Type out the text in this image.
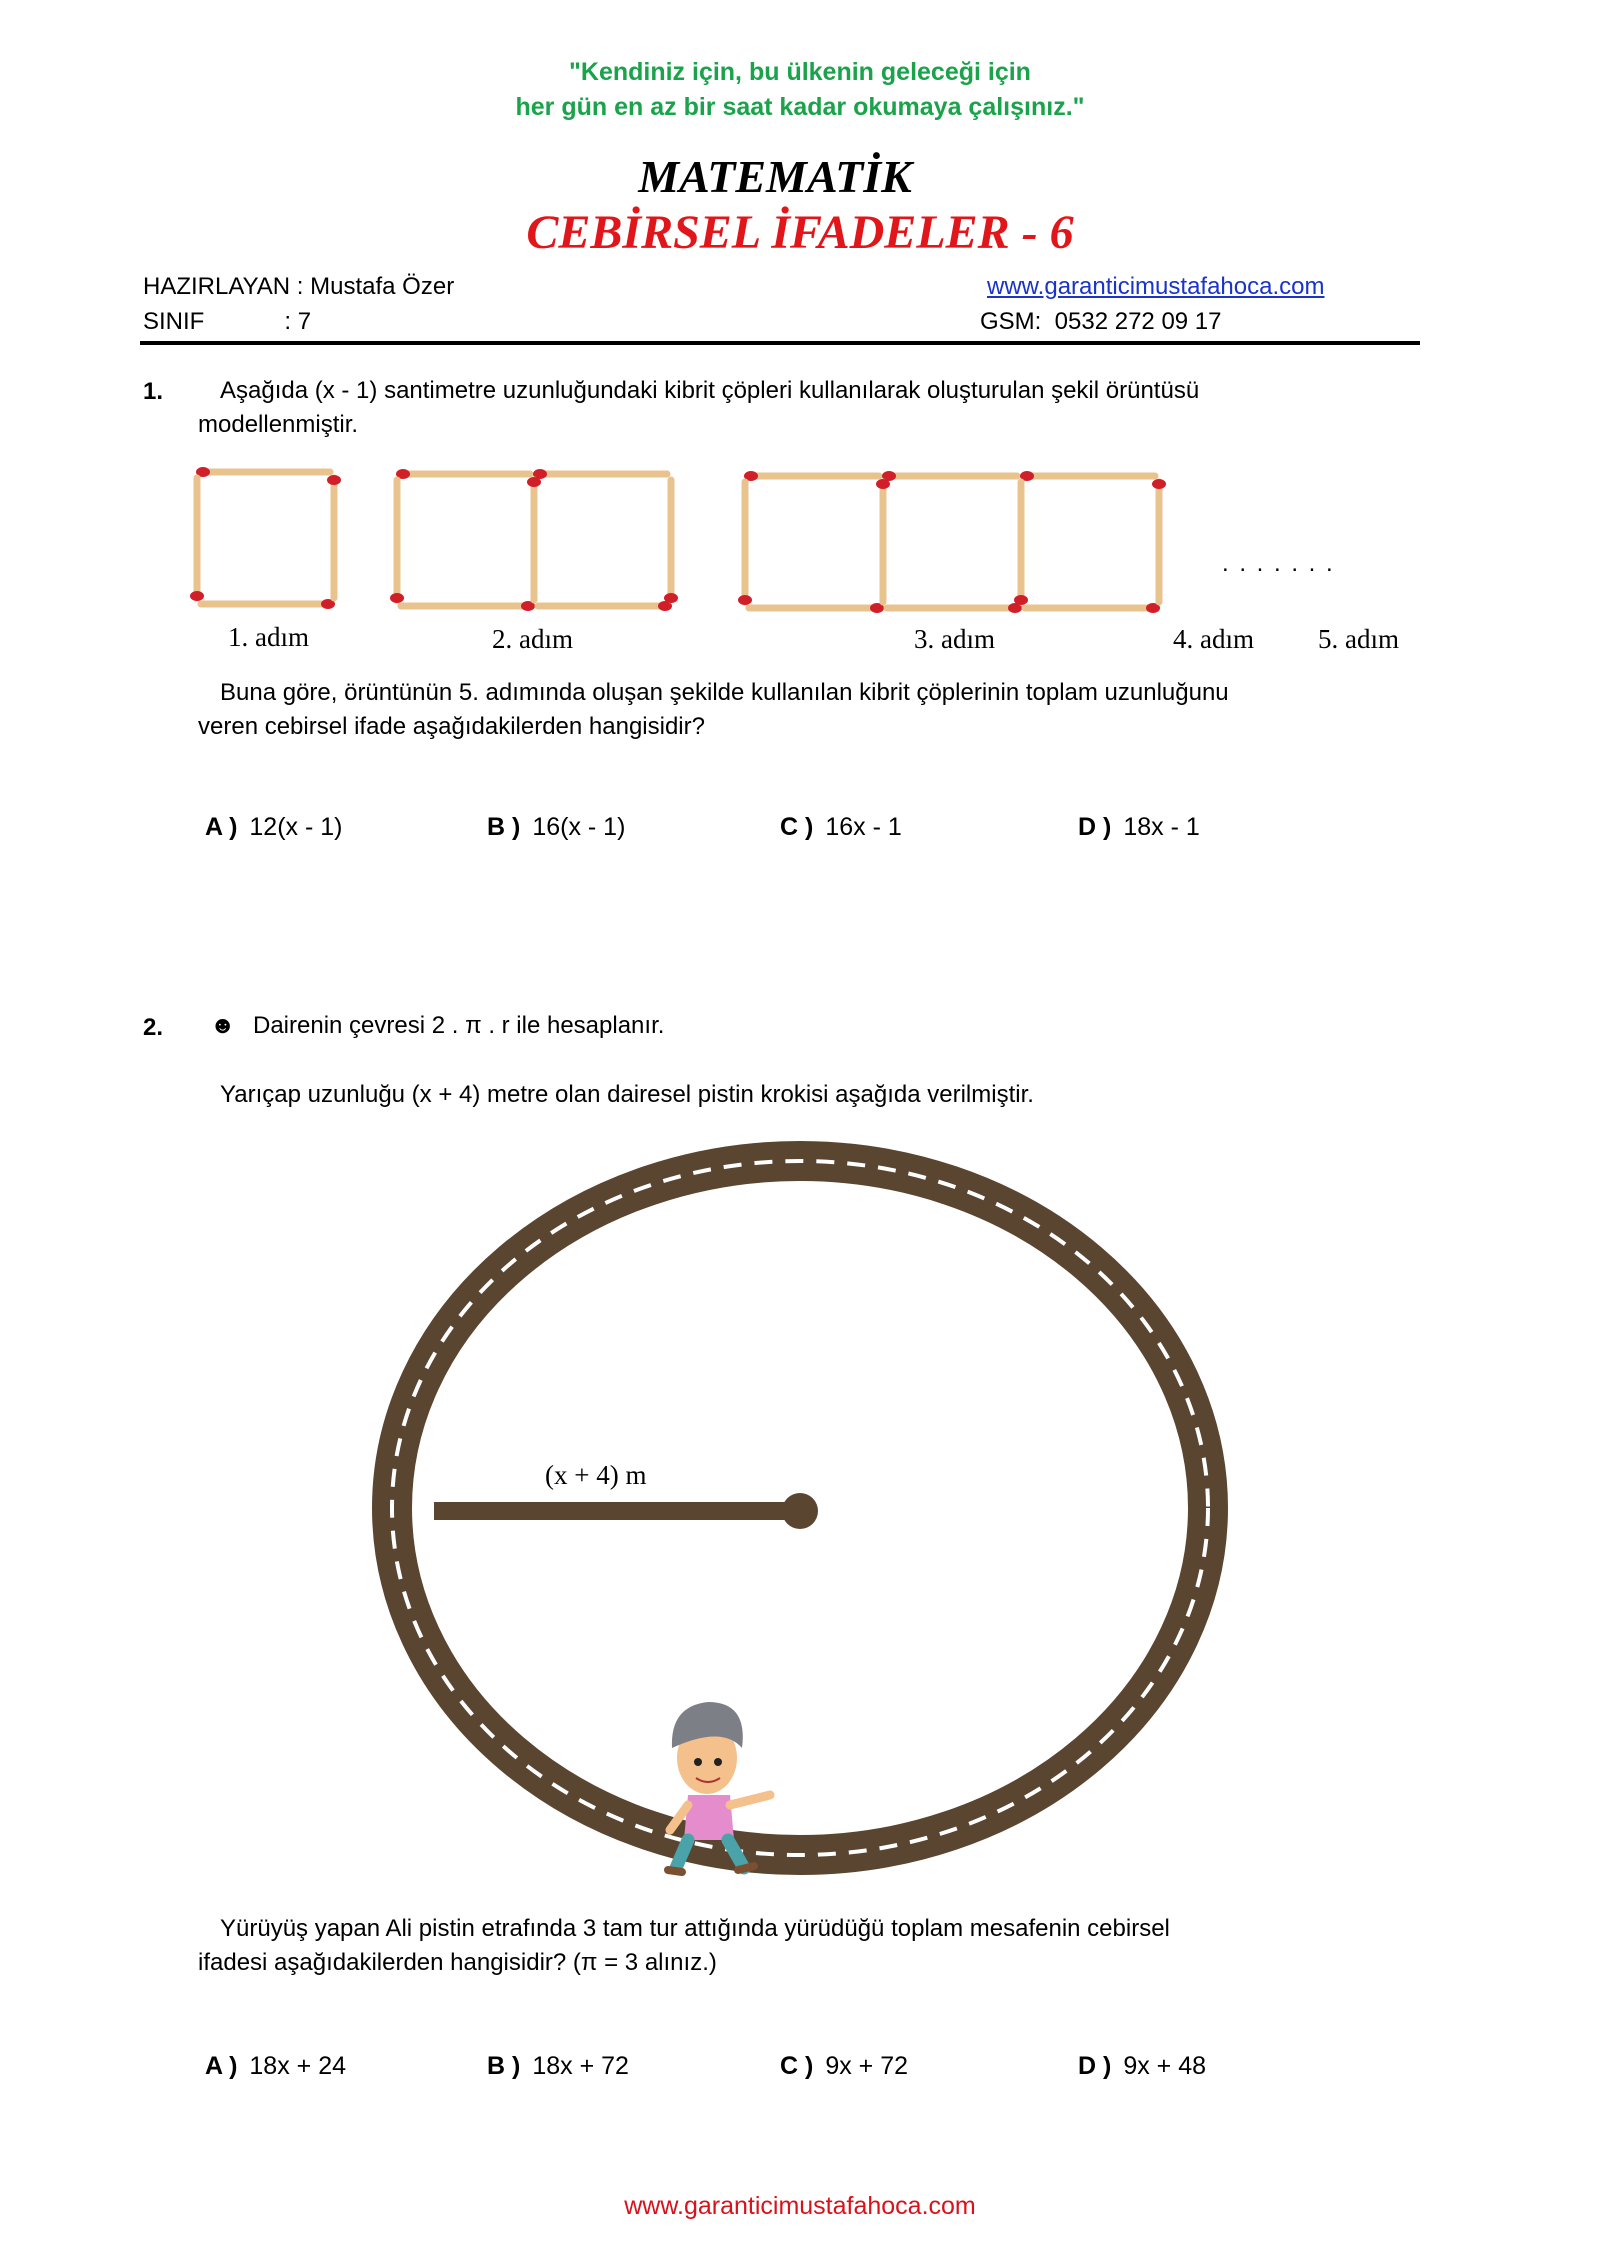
"Kendiniz için, bu ülkenin geleceği için
her gün en az bir saat kadar okumaya çalışınız."
MATEMATİK
CEBİRSEL İFADELER - 6
HAZIRLAYAN : Mustafa Özer
SINIF            : 7
www.garanticimustafahoca.com
GSM:  0532 272 09 17
1. Aşağıda (x - 1) santimetre uzunluğundaki kibrit çöpleri kullanılarak oluşturulan şekil örüntüsü
modellenmiştir.
1. adım	2. adım	3. adım	4. adım 5. adım
. . . . . . .
Buna göre, örüntünün 5. adımında oluşan şekilde kullanılan kibrit çöplerinin toplam uzunluğunu
veren cebirsel ifade aşağıdakilerden hangisidir?
A ) 12(x - 1)	B ) 16(x - 1)	C ) 16x - 1	D ) 18x - 1
2. ☻ Dairenin çevresi 2 . π . r ile hesaplanır.
Yarıçap uzunluğu (x + 4) metre olan dairesel pistin krokisi aşağıda verilmiştir.
(x + 4) m
Yürüyüş yapan Ali pistin etrafında 3 tam tur attığında yürüdüğü toplam mesafenin cebirsel
ifadesi aşağıdakilerden hangisidir? (π = 3 alınız.)
A ) 18x + 24	B ) 18x + 72	C ) 9x + 72	D ) 9x + 48
www.garanticimustafahoca.com
